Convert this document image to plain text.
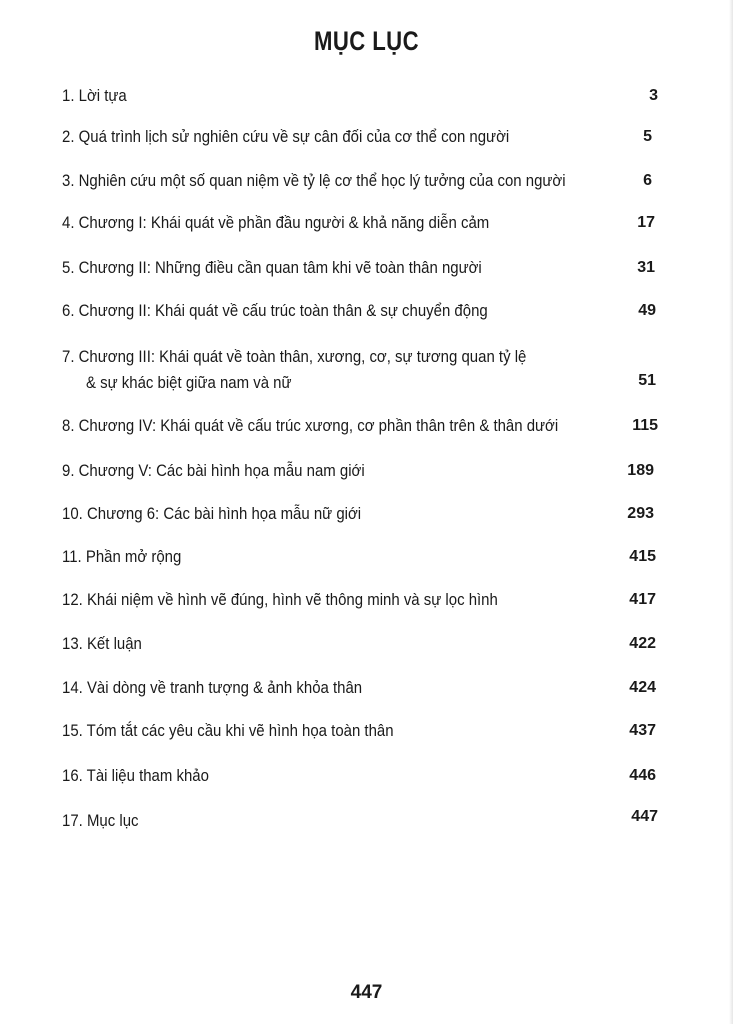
MỤC LỤC
1. Lời tựa	3
2. Quá trình lịch sử nghiên cứu về sự cân đối của cơ thể con người	5
3. Nghiên cứu một số quan niệm về tỷ lệ cơ thể học lý tưởng của con người	6
4. Chương I: Khái quát về phần đầu người & khả năng diễn cảm	17
5. Chương II: Những điều cần quan tâm khi vẽ toàn thân người	31
6. Chương II: Khái quát về cấu trúc toàn thân & sự chuyển động	49
7. Chương III: Khái quát về toàn thân, xương, cơ, sự tương quan tỷ lệ
& sự khác biệt giữa nam và nữ	51
8. Chương IV: Khái quát về cấu trúc xương, cơ phần thân trên & thân dưới	115
9. Chương V: Các bài hình họa mẫu nam giới	189
10. Chương 6: Các bài hình họa mẫu nữ giới	293
11. Phần mở rộng	415
12. Khái niệm về hình vẽ đúng, hình vẽ thông minh và sự lọc hình	417
13. Kết luận	422
14. Vài dòng về tranh tượng & ảnh khỏa thân	424
15. Tóm tắt các yêu cầu khi vẽ hình họa toàn thân	437
16. Tài liệu tham khảo	446
17. Mục lục	447
447
